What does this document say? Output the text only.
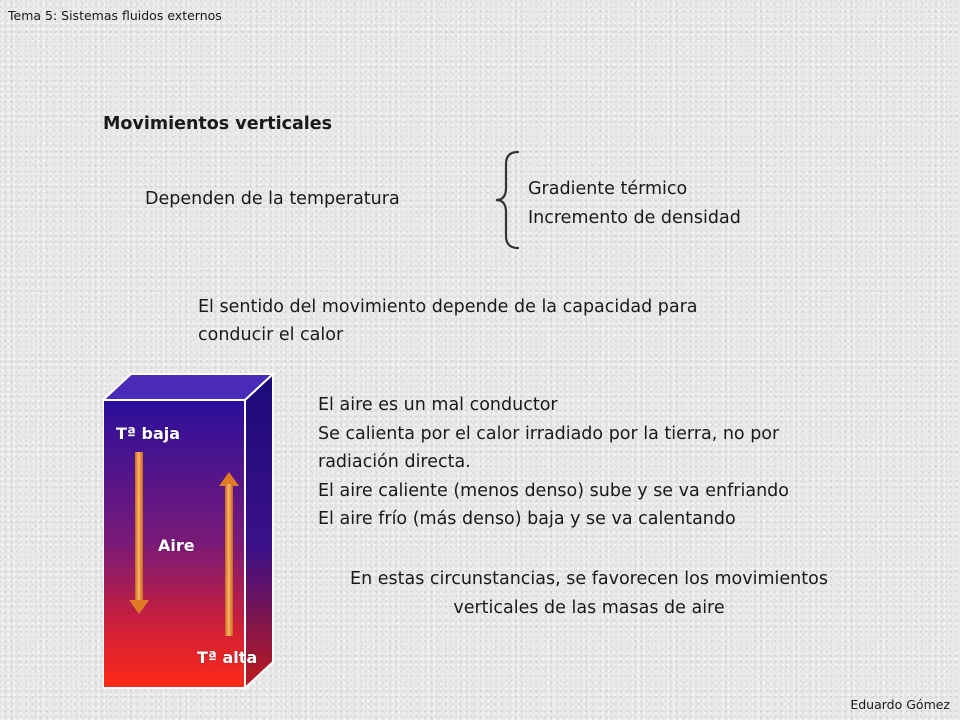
Tema 5: Sistemas fluidos externos
Movimientos verticales
Dependen de la temperatura	Gradiente térmico
Incremento de densidad
El sentido del movimiento depende de la capacidad para
conducir el calor
Tª baja
Aire
Tª alta
El aire es un mal conductor
Se calienta por el calor irradiado por la tierra, no por
radiación directa.
El aire caliente (menos denso) sube y se va enfriando
El aire frío (más denso) baja y se va calentando
En estas circunstancias, se favorecen los movimientos
verticales de las masas de aire
Eduardo Gómez
